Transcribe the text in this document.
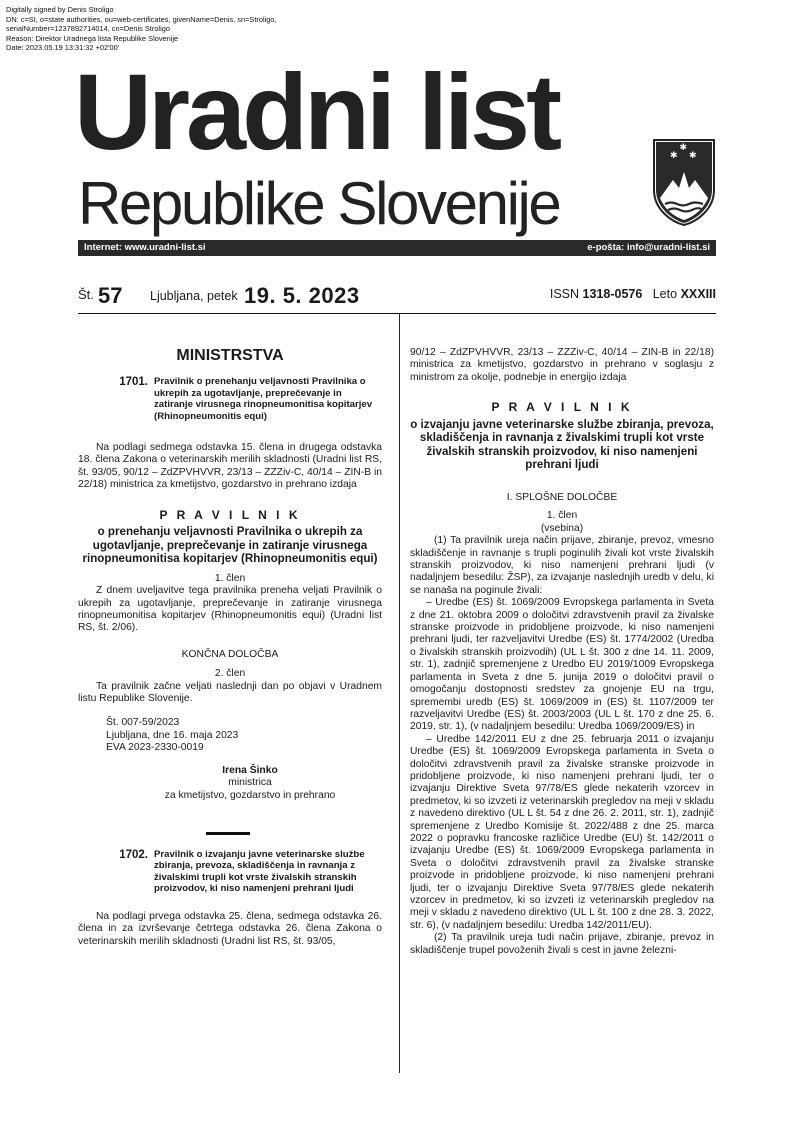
Digitally signed by Denis Stroligo
DN: c=SI, o=state authorities, ou=web-certificates, givenName=Denis, sn=Stroligo,
serialNumber=1237892714014, cn=Denis Stroligo
Reason: Direktor Uradnega lista Republike Slovenije
Date: 2023.05.19 13:31:32 +02'00'
Uradni list
Republike Slovenije
✱ ✱
✱
Internet: www.uradni-list.si	e-pošta: info@uradni-list.si
Št. 57 Ljubljana, petek 19. 5. 2023	ISSN 1318-0576 Leto XXXIII

MINISTRSTVA

1701. Pravilnik o prenehanju veljavnosti Pravilnika o ukrepih za ugotavljanje, preprečevanje in zatiranje virusnega rinopneumonitisa kopitarjev (Rhinopneumonitis equi)

Na podlagi sedmega odstavka 15. člena in drugega odstavka 18. člena Zakona o veterinarskih merilih skladnosti (Uradni list RS, št. 93/05, 90/12 – ZdZPVHVVR, 23/13 – ZZZiv-C, 40/14 – ZIN-B in 22/18) ministrica za kmetijstvo, gozdarstvo in prehrano izdaja

P R A V I L N I K

o prenehanju veljavnosti Pravilnika o ukrepih za ugotavljanje, preprečevanje in zatiranje virusnega rinopneumonitisa kopitarjev (Rhinopneumonitis equi)

1. člen

Z dnem uveljavitve tega pravilnika preneha veljati Pravilnik o ukrepih za ugotavljanje, preprečevanje in zatiranje virusnega rinopneumonitisa kopitarjev (Rhinopneumonitis equi) (Uradni list RS, št. 2/06).

KONČNA DOLOČBA

2. člen

Ta pravilnik začne veljati naslednji dan po objavi v Uradnem listu Republike Slovenije.

Št. 007-59/2023

Ljubljana, dne 16. maja 2023

EVA 2023-2330-0019

Irena Šinko

ministrica

za kmetijstvo, gozdarstvo in prehrano

1702. Pravilnik o izvajanju javne veterinarske službe zbiranja, prevoza, skladiščenja in ravnanja z živalskimi trupli kot vrste živalskih stranskih proizvodov, ki niso namenjeni prehrani ljudi

Na podlagi prvega odstavka 25. člena, sedmega odstavka 26. člena in za izvrševanje četrtega odstavka 26. člena Zakona o veterinarskih merilih skladnosti (Uradni list RS, št. 93/05,

90/12 – ZdZPVHVVR, 23/13 – ZZZiv-C, 40/14 – ZIN-B in 22/18) ministrica za kmetijstvo, gozdarstvo in prehrano v soglasju z ministrom za okolje, podnebje in energijo izdaja

P R A V I L N I K

o izvajanju javne veterinarske službe zbiranja, prevoza, skladiščenja in ravnanja z živalskimi trupli kot vrste živalskih stranskih proizvodov, ki niso namenjeni prehrani ljudi

I. SPLOŠNE DOLOČBE

1. člen

(vsebina)

(1) Ta pravilnik ureja način prijave, zbiranje, prevoz, vmesno skladiščenje in ravnanje s trupli poginulih živali kot vrste živalskih stranskih proizvodov, ki niso namenjeni prehrani ljudi (v nadaljnjem besedilu: ŽSP), za izvajanje naslednjih uredb v delu, ki se nanaša na poginule živali:

– Uredbe (ES) št. 1069/2009 Evropskega parlamenta in Sveta z dne 21. oktobra 2009 o določitvi zdravstvenih pravil za živalske stranske proizvode in pridobljene proizvode, ki niso namenjeni prehrani ljudi, ter razveljavitvi Uredbe (ES) št. 1774/2002 (Uredba o živalskih stranskih proizvodih) (UL L št. 300 z dne 14. 11. 2009, str. 1), zadnjič spremenjene z Uredbo EU 2019/1009 Evropskega parlamenta in Sveta z dne 5. junija 2019 o določitvi pravil o omogočanju dostopnosti sredstev za gnojenje EU na trgu, spremembi uredb (ES) št. 1069/2009 in (ES) št. 1107/2009 ter razveljavitvi Uredbe (ES) št. 2003/2003 (UL L št. 170 z dne 25. 6. 2019, str. 1), (v nadaljnjem besedilu: Uredba 1069/2009/ES) in

– Uredbe 142/2011 EU z dne 25. februarja 2011 o izvajanju Uredbe (ES) št. 1069/2009 Evropskega parlamenta in Sveta o določitvi zdravstvenih pravil za živalske stranske proizvode in pridobljene proizvode, ki niso namenjeni prehrani ljudi, ter o izvajanju Direktive Sveta 97/78/ES glede nekaterih vzorcev in predmetov, ki so izvzeti iz veterinarskih pregledov na meji v skladu z navedeno direktivo (UL L št. 54 z dne 26. 2. 2011, str. 1), zadnjič spremenjene z Uredbo Komisije št. 2022/488 z dne 25. marca 2022 o popravku francoske različice Uredbe (EU) št. 142/2011 o izvajanju Uredbe (ES) št. 1069/2009 Evropskega parlamenta in Sveta o določitvi zdravstvenih pravil za živalske stranske proizvode in pridobljene proizvode, ki niso namenjeni prehrani ljudi, ter o izvajanju Direktive Sveta 97/78/ES glede nekaterih vzorcev in predmetov, ki so izvzeti iz veterinarskih pregledov na meji v skladu z navedeno direktivo (UL L št. 100 z dne 28. 3. 2022, str. 6), (v nadaljnjem besedilu: Uredba 142/2011/EU).

(2) Ta pravilnik ureja tudi način prijave, zbiranje, prevoz in skladiščenje trupel povoženih živali s cest in javne železni-
